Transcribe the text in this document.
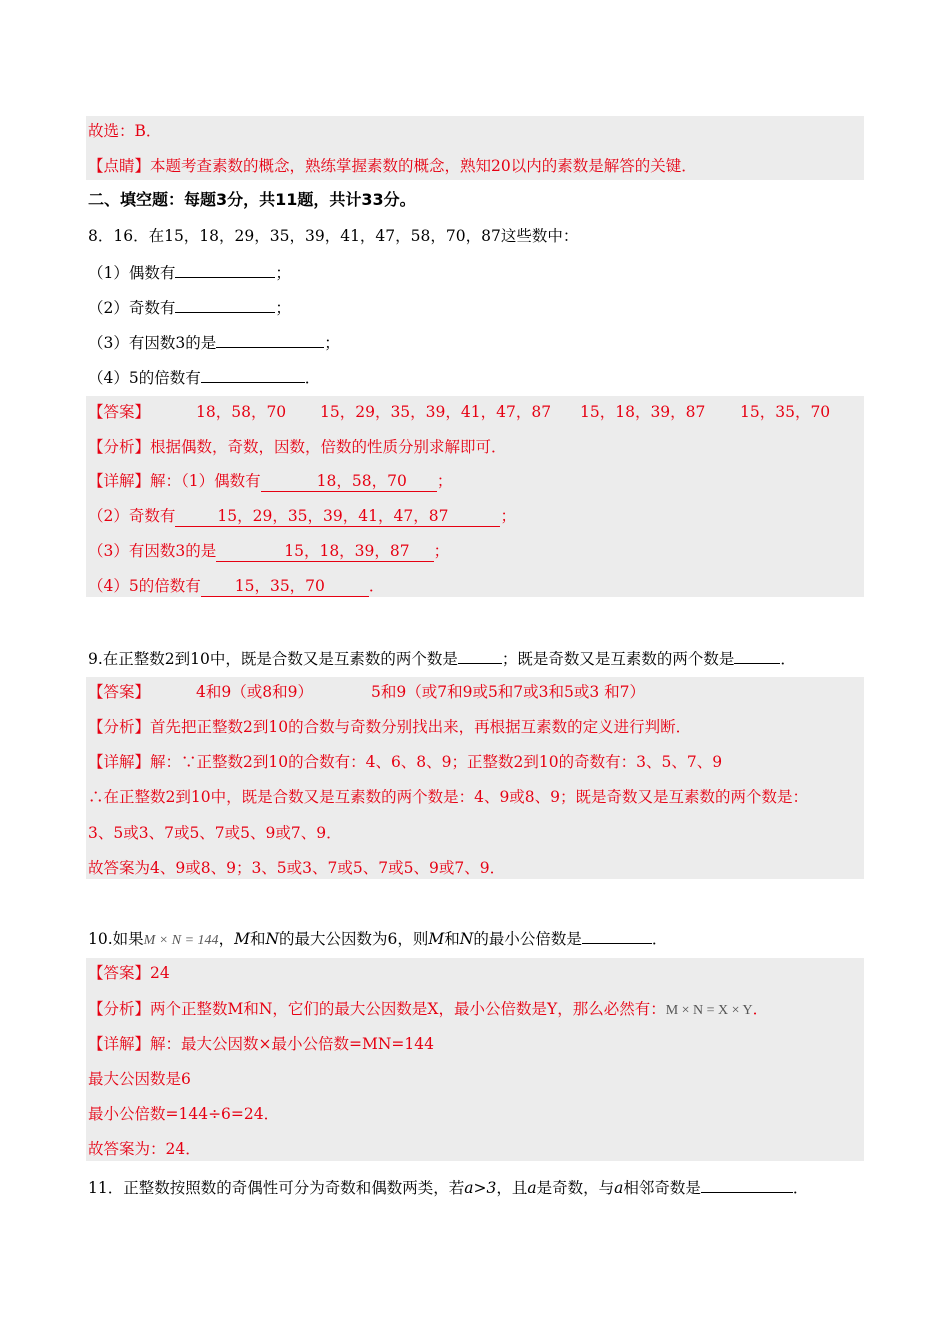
故选：B．
【点睛】本题考查素数的概念，熟练掌握素数的概念，熟知20以内的素数是解答的关键．
二、填空题：每题3分，共11题，共计33分。
8．16．在15，18，29，35，39，41，47，58，70，87这些数中：
（1）偶数有	；
（2）奇数有	；
（3）有因数3的是	；
（4）5的倍数有	．
【答案】	18，58，70 15，29，35，39，41，47，87 15，18，39，87 15，35，70
【分析】根据偶数，奇数，因数，倍数的性质分别求解即可．
【详解】解：（1）偶数有	18，58，70 ；
（2）奇数有	15，29，35，39，41，47，87	；
（3）有因数3的是	15，18，39，87 ；
（4）5的倍数有 15，35，70	．
9.在正整数2到10中，既是合数又是互素数的两个数是	；既是奇数又是互素数的两个数是	．
【答案】	4和9（或8和9）	5和9（或7和9或5和7或3和5或3 和7）
【分析】首先把正整数2到10的合数与奇数分别找出来，再根据互素数的定义进行判断．
【详解】解：∵正整数2到10的合数有：4、6、8、9；正整数2到10的奇数有：3、5、7、9
∴在正整数2到10中，既是合数又是互素数的两个数是：4、9或8、9；既是奇数又是互素数的两个数是：
3、5或3、7或5、7或5、9或7、9．
故答案为4、9或8、9；3、5或3、7或5、7或5、9或7、9．
10.如果M × N = 144，M和N的最大公因数为6，则M和N的最小公倍数是	．
【答案】24
【分析】两个正整数M和N，它们的最大公因数是X，最小公倍数是Y，那么必然有：M × N = X × Y．
【详解】解：最大公因数×最小公倍数=MN=144
最大公因数是6
最小公倍数=144÷6=24．
故答案为：24．
11．正整数按照数的奇偶性可分为奇数和偶数两类，若a>3，且a是奇数，与a相邻奇数是	．
